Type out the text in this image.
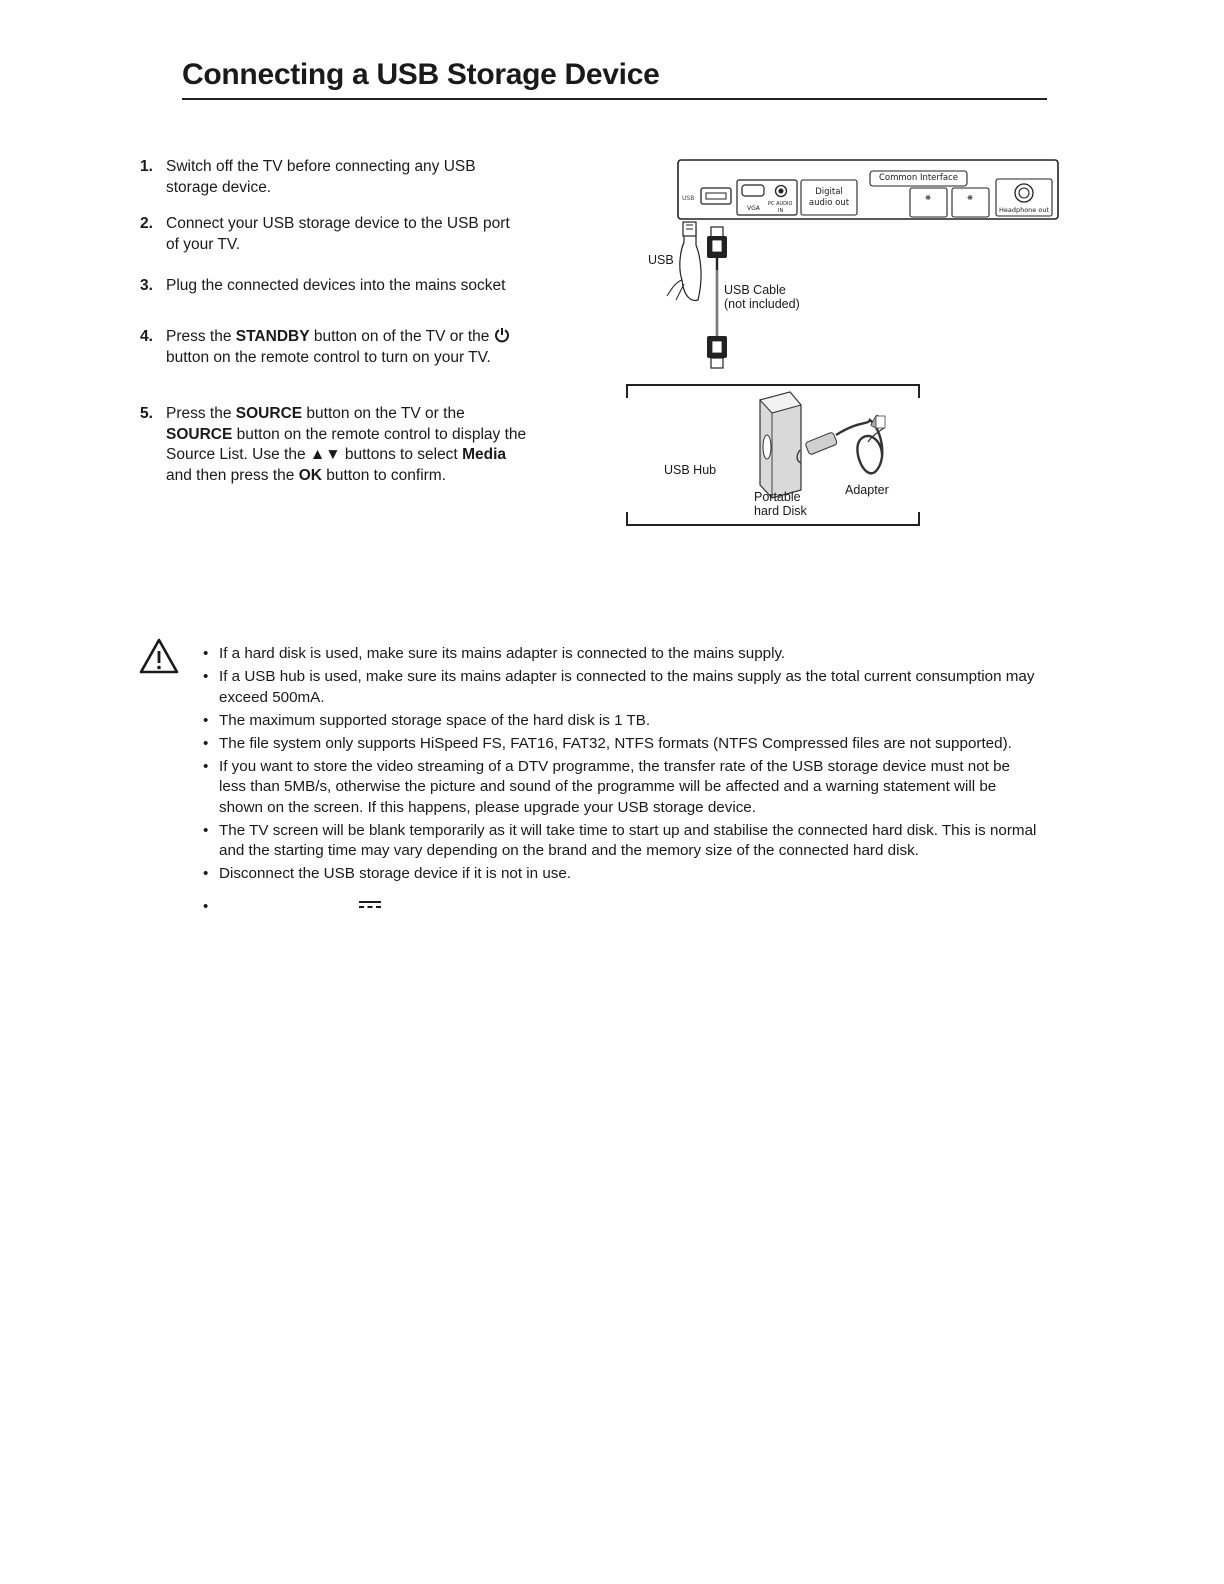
Connecting a USB Storage Device
1. Switch off the TV before connecting any USB storage device.
2. Connect your USB storage device to the USB port of your TV.
3. Plug the connected devices into the mains socket
4. Press the STANDBY button on of the TV or the  button on the remote control to turn on your TV.
5. Press the SOURCE button on the TV or the SOURCE button on the remote control to display the Source List. Use the ▲▼ buttons to select Media and then press the OK button to confirm.
❋	❋
USB
VGA
PC AUDIO
IN
Digital
audio out
Common Interface
Headphone out
USB
USB Cable
(not included)
USB Hub
Portable
hard Disk
Adapter
• If a hard disk is used, make sure its mains adapter is connected to the mains supply.
• If a USB hub is used, make sure its mains adapter is connected to the mains supply as the total current consumption may exceed 500mA.
• The maximum supported storage space of the hard disk is 1 TB.
• The file system only supports HiSpeed FS, FAT16, FAT32, NTFS formats (NTFS Compressed files are not supported).
• If you want to store the video streaming of a DTV programme, the transfer rate of the USB storage device must not be less than 5MB/s, otherwise the picture and sound of the programme will be affected and a warning statement will be shown on the screen. If this happens, please upgrade your USB storage device.
• The TV screen will be blank temporarily as it will take time to start up and stabilise the connected hard disk. This is normal and the starting time may vary depending on the brand and the memory size of the connected hard disk.
• Disconnect the USB storage device if it is not in use.
•
